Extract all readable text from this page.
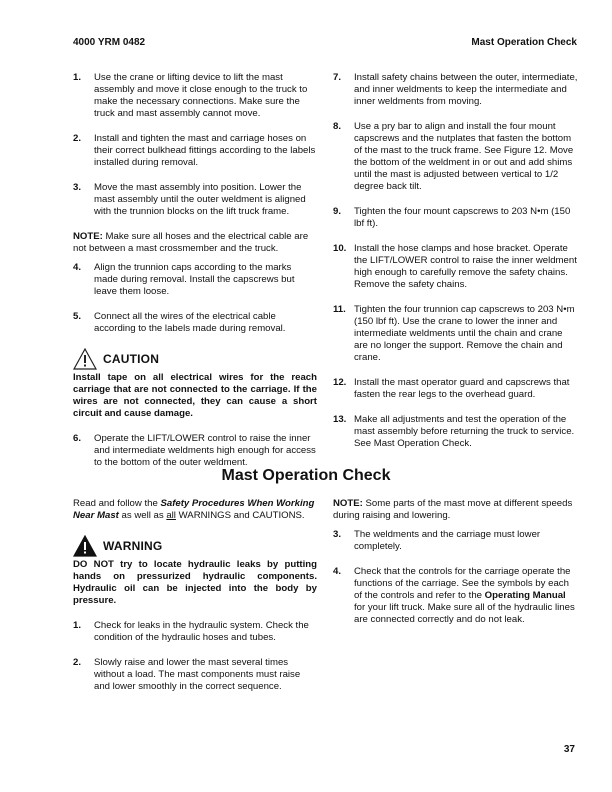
4000 YRM 0482	Mast Operation Check
1.	Use the crane or lifting device to lift the mast assembly and move it close enough to the truck to make the necessary connections. Make sure the truck and mast assembly cannot move.
2.	Install and tighten the mast and carriage hoses on their correct bulkhead fittings according to the labels installed during removal.
3.	Move the mast assembly into position. Lower the mast assembly until the outer weldment is aligned with the trunnion blocks on the lift truck frame.
NOTE: Make sure all hoses and the electrical cable are not between a mast crossmember and the truck.
4.	Align the trunnion caps according to the marks made during removal. Install the capscrews but leave them loose.
5.	Connect all the wires of the electrical cable according to the labels made during removal.
CAUTION
Install tape on all electrical wires for the reach carriage that are not connected to the carriage. If the wires are not connected, they can cause a short circuit and cause damage.
6.	Operate the LIFT/LOWER control to raise the inner and intermediate weldments high enough for access to the bottom of the outer weldment.
7.	Install safety chains between the outer, intermediate, and inner weldments to keep the intermediate and inner weldments from moving.
8.	Use a pry bar to align and install the four mount capscrews and the nutplates that fasten the bottom of the mast to the truck frame. See Figure 12. Move the bottom of the weldment in or out and add shims until the mast is adjusted between vertical to 1/2 degree back tilt.
9.	Tighten the four mount capscrews to 203 N•m (150 lbf ft).
10. Install the hose clamps and hose bracket. Operate the LIFT/LOWER control to raise the inner weldment high enough to carefully remove the safety chains. Remove the safety chains.
11. Tighten the four trunnion cap capscrews to 203 N•m (150 lbf ft). Use the crane to lower the inner and intermediate weldments until the chain and crane are no longer the support. Remove the chain and crane.
12. Install the mast operator guard and capscrews that fasten the rear legs to the overhead guard.
13. Make all adjustments and test the operation of the mast assembly before returning the truck to service. See Mast Operation Check.
Mast Operation Check
Read and follow the Safety Procedures When Working Near Mast as well as all WARNINGS and CAUTIONS.
WARNING
DO NOT try to locate hydraulic leaks by putting hands on pressurized hydraulic components. Hydraulic oil can be injected into the body by pressure.
1.	Check for leaks in the hydraulic system. Check the condition of the hydraulic hoses and tubes.
2.	Slowly raise and lower the mast several times without a load. The mast components must raise and lower smoothly in the correct sequence.
NOTE: Some parts of the mast move at different speeds during raising and lowering.
3.	The weldments and the carriage must lower completely.
4.	Check that the controls for the carriage operate the functions of the carriage. See the symbols by each of the controls and refer to the Operating Manual for your lift truck. Make sure all of the hydraulic lines are connected correctly and do not leak.
37
